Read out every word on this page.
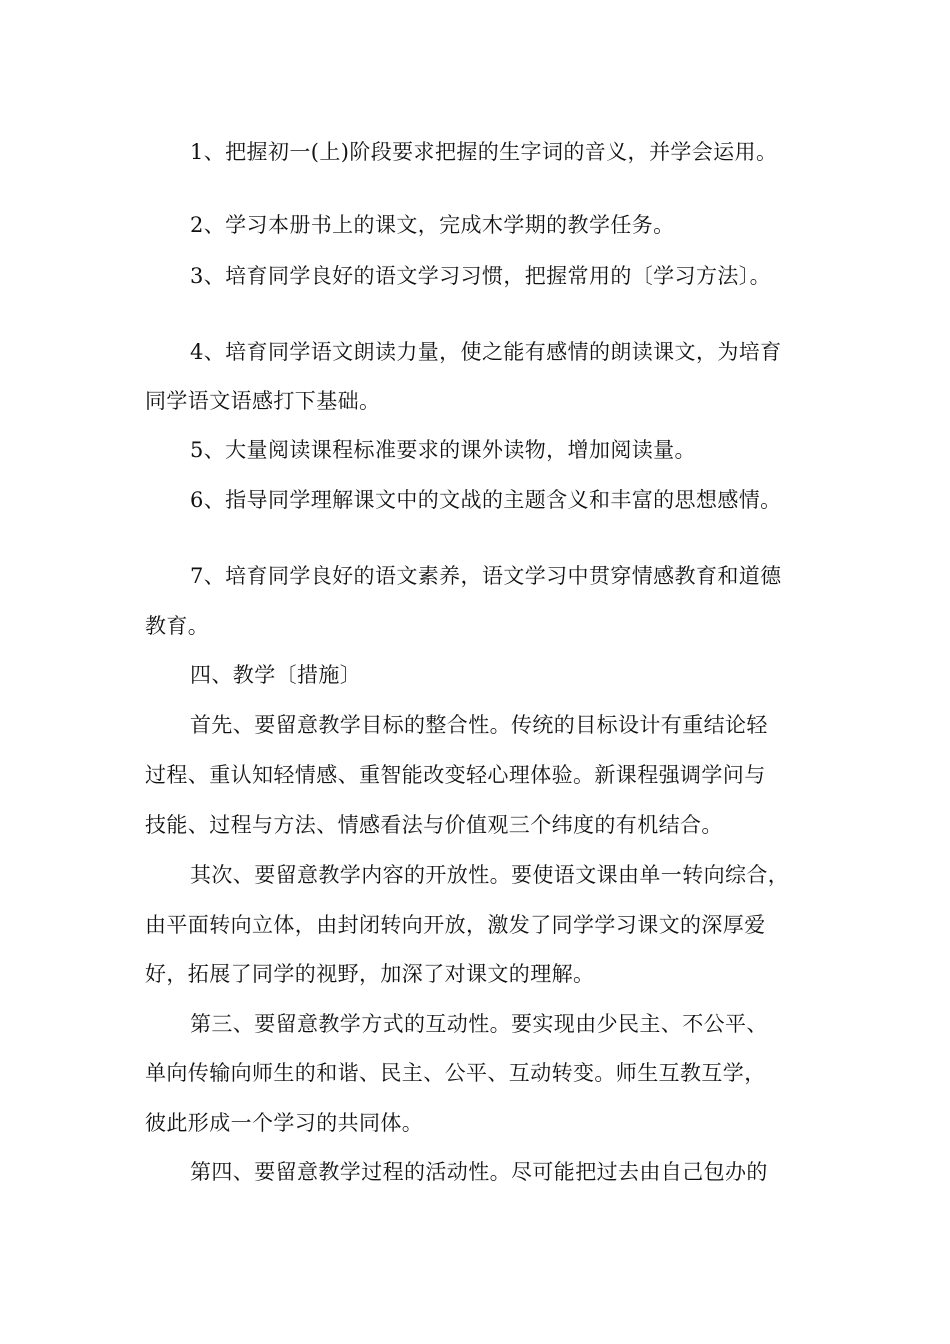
1、把握初一(上)阶段要求把握的生字词的音义，并学会运用。
2、学习本册书上的课文，完成木学期的教学任务。
3、培育同学良好的语文学习习惯，把握常用的〔学习方法〕。
4、培育同学语文朗读力量，使之能有感情的朗读课文，为培育
同学语文语感打下基础。
5、大量阅读课程标准要求的课外读物，增加阅读量。
6、指导同学理解课文中的文战的主题含义和丰富的思想感情。
7、培育同学良好的语文素养，语文学习中贯穿情感教育和道德
教育。
四、教学〔措施〕
首先、要留意教学目标的整合性。传统的目标设计有重结论轻
过程、重认知轻情感、重智能改变轻心理体验。新课程强调学问与
技能、过程与方法、情感看法与价值观三个纬度的有机结合。
其次、要留意教学内容的开放性。要使语文课由单一转向综合，
由平面转向立体，由封闭转向开放，激发了同学学习课文的深厚爱
好，拓展了同学的视野，加深了对课文的理解。
第三、要留意教学方式的互动性。要实现由少民主、不公平、
单向传输向师生的和谐、民主、公平、互动转变。师生互教互学，
彼此形成一个学习的共同体。
第四、要留意教学过程的活动性。尽可能把过去由自己包办的
